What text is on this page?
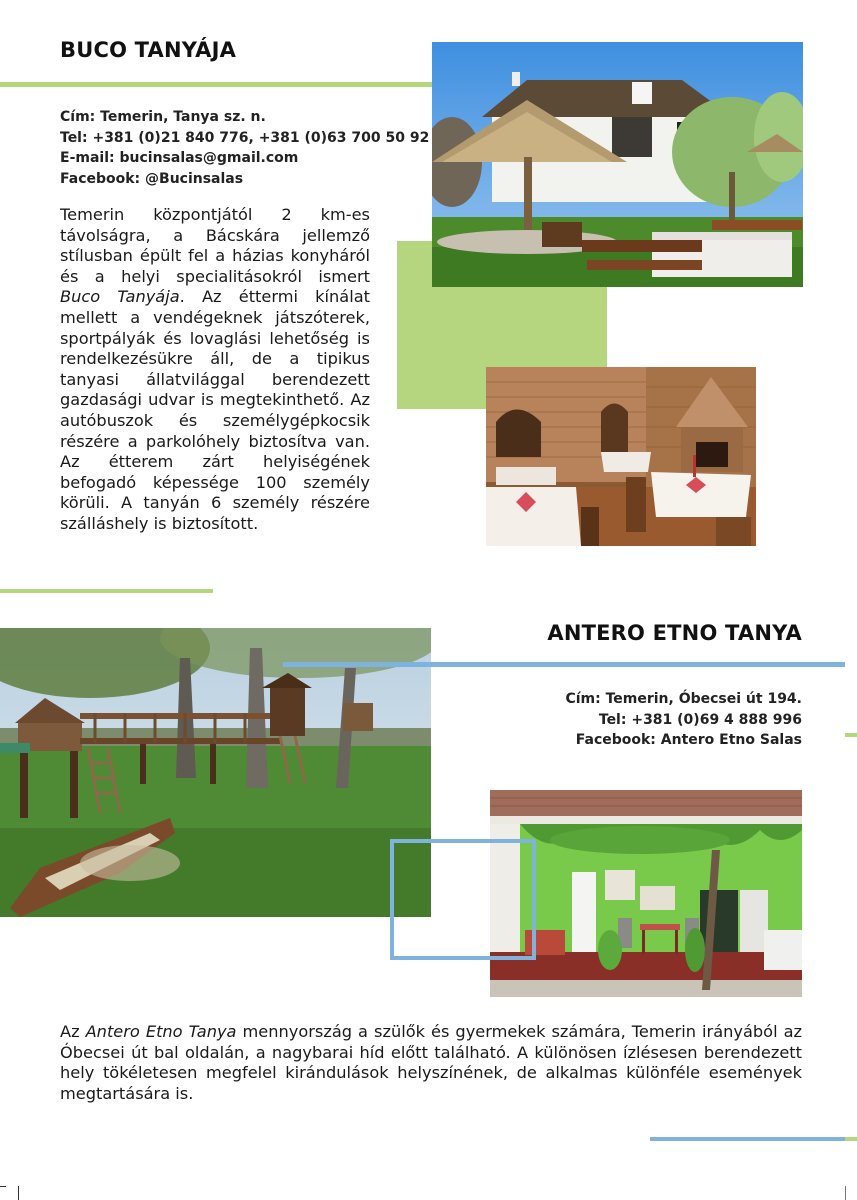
BUCO TANYÁJA
Cím: Temerin, Tanya sz. n.
Tel: +381 (0)21 840 776, +381 (0)63 700 50 92
E-mail: bucinsalas@gmail.com
Facebook: @Bucinsalas
Temerin központjától 2 km-es távolságra, a Bácskára jellemző stílusban épült fel a házias konyháról és a helyi specialitásokról ismert Buco Tanyája. Az éttermi kínálat mellett a vendégeknek játszóterek, sportpályák és lovaglási lehetőség is rendelkezésükre áll, de a tipikus tanyasi állatvilággal berendezett gazdasági udvar is megtekinthető. Az autóbuszok és személygépkocsik részére a parkolóhely biztosítva van. Az étterem zárt helyiségének befogadó képessége 100 személy körüli. A tanyán 6 személy részére szálláshely is biztosított.
ANTERO ETNO TANYA
Cím: Temerin, Óbecsei út 194.
Tel: +381 (0)69 4 888 996
Facebook: Antero Etno Salas
Az Antero Etno Tanya mennyország a szülők és gyermekek számára, Temerin irányából az Óbecsei út bal oldalán, a nagybarai híd előtt található. A különösen ízlésesen berendezett hely tökéletesen megfelel kirándulások helyszínének, de alkalmas különféle események megtartására is.
